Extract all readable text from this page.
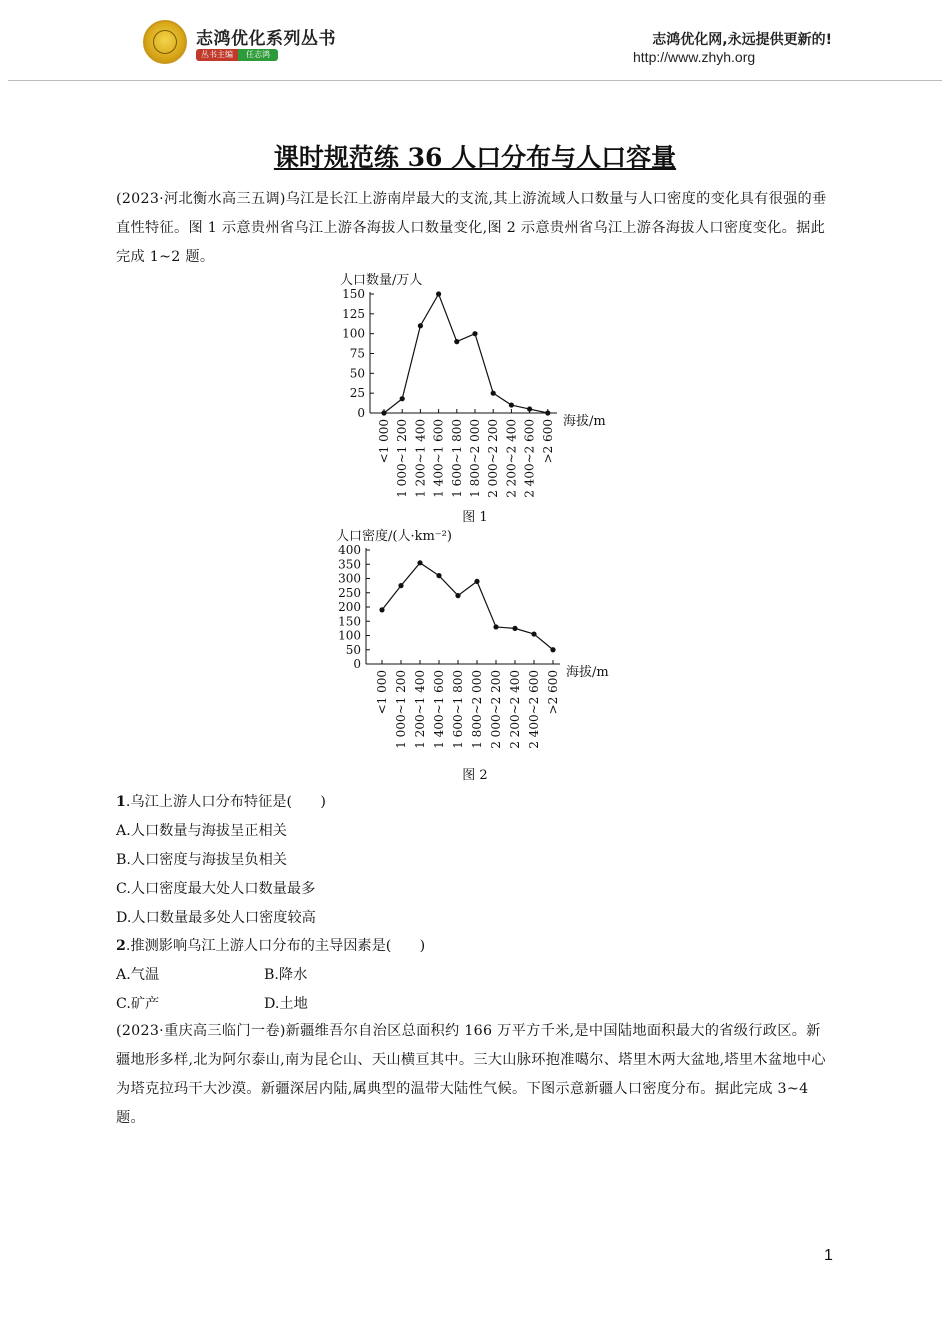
志鸿优化系列丛书
丛书主编 任志鸿
志鸿优化网,永远提供更新的!
http://www.zhyh.org
课时规范练 36 人口分布与人口容量
(2023·河北衡水高三五调)乌江是长江上游南岸最大的支流,其上游流域人口数量与人口密度的变化具有很强的垂直性特征。图 1 示意贵州省乌江上游各海拔人口数量变化,图 2 示意贵州省乌江上游各海拔人口密度变化。据此完成 1~2 题。
人口数量/万人
150
125
100
75
50
25
0
<1 000 1 000~1 200 1 200~1 400 1 400~1 600 1 600~1 800 1 800~2 000 2 000~2 200 2 200~2 400 2 400~2 600 >2 600 海拔/m
图 1
人口密度/(人·km⁻²)
400
350
300
250
200
150
100
50
0
<1 000 1 000~1 200 1 200~1 400 1 400~1 600 1 600~1 800 1 800~2 000 2 000~2 200 2 200~2 400 2 400~2 600 >2 600 海拔/m
图 2
1.乌江上游人口分布特征是(　　)
A.人口数量与海拔呈正相关
B.人口密度与海拔呈负相关
C.人口密度最大处人口数量最多
D.人口数量最多处人口密度较高
2.推测影响乌江上游人口分布的主导因素是(　　)
A.气温	B.降水
C.矿产	D.土地
(2023·重庆高三临门一卷)新疆维吾尔自治区总面积约 166 万平方千米,是中国陆地面积最大的省级行政区。新疆地形多样,北为阿尔泰山,南为昆仑山、天山横亘其中。三大山脉环抱准噶尔、塔里木两大盆地,塔里木盆地中心为塔克拉玛干大沙漠。新疆深居内陆,属典型的温带大陆性气候。下图示意新疆人口密度分布。据此完成 3~4 题。
1
